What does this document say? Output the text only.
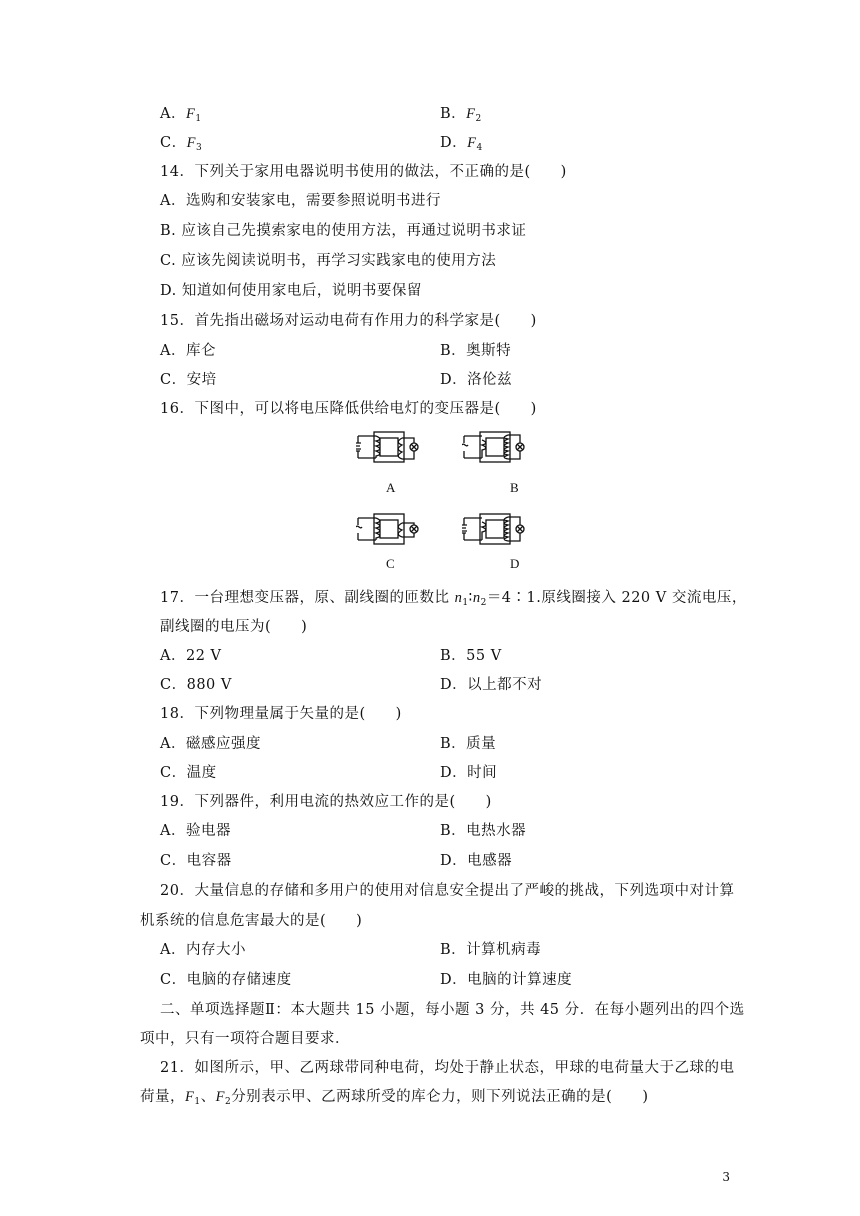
A．$F_1$	B．$F_2$
C．$F_3$	D．$F_4$
14．下列关于家用电器说明书使用的做法，不正确的是(　　)
A．选购和安装家电，需要参照说明书进行
B. 应该自己先摸索家电的使用方法，再通过说明书求证
C. 应该先阅读说明书，再学习实践家电的使用方法
D. 知道如何使用家电后，说明书要保留
15．首先指出磁场对运动电荷有作用力的科学家是(　　)
A．库仑	B．奥斯特
C．安培	D．洛伦兹
16．下图中，可以将电压降低供给电灯的变压器是(　　)
A	B
C	D
17．一台理想变压器，原、副线圈的匝数比 $n_1∶n_2=4∶1$.原线圈接入 220 V 交流电压，
副线圈的电压为(　　)
A．22 V	B．55 V
C．880 V	D．以上都不对
18．下列物理量属于矢量的是(　　)
A．磁感应强度	B．质量
C．温度	D．时间
19．下列器件，利用电流的热效应工作的是(　　)
A．验电器	B．电热水器
C．电容器	D．电感器
20．大量信息的存储和多用户的使用对信息安全提出了严峻的挑战，下列选项中对计算
机系统的信息危害最大的是(　　)
A．内存大小	B．计算机病毒
C．电脑的存储速度	D．电脑的计算速度
二、单项选择题Ⅱ：本大题共 15 小题，每小题 3 分，共 45 分．在每小题列出的四个选
项中，只有一项符合题目要求．
21．如图所示，甲、乙两球带同种电荷，均处于静止状态，甲球的电荷量大于乙球的电
荷量，$F_1$、$F_2$分别表示甲、乙两球所受的库仑力，则下列说法正确的是(　　)
3
